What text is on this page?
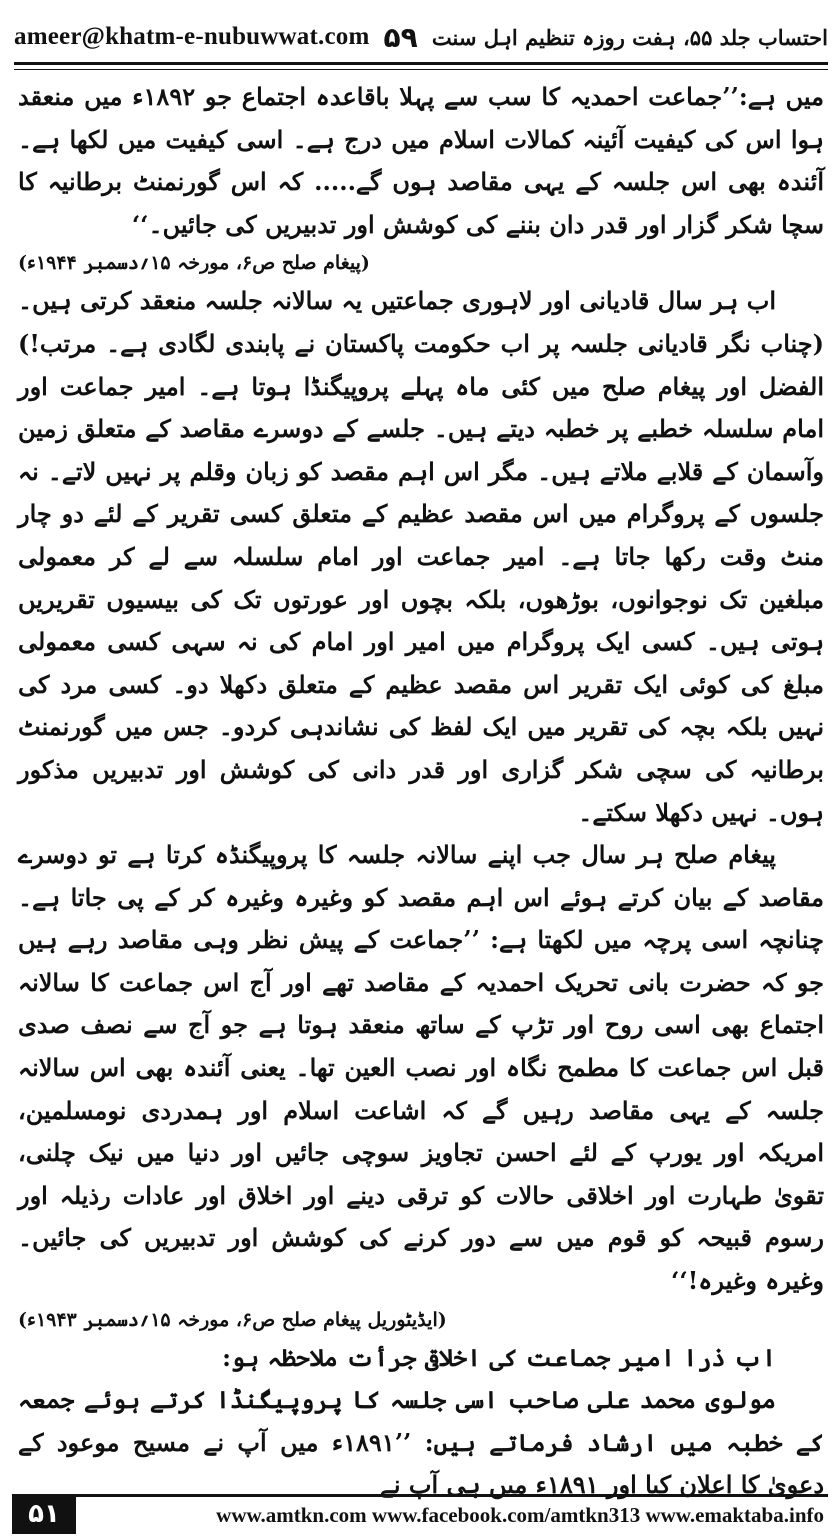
ameer@khatm-e-nubuwwat.com ۵۹ احتساب جلد ۵۵، ہفت روزہ تنظیم اہل سنت

میں ہے:’’جماعت احمدیہ کا سب سے پہلا باقاعدہ اجتماع جو ۱۸۹۲ء میں منعقد ہوا اس کی کیفیت آئینہ کمالات اسلام میں درج ہے۔ اسی کیفیت میں لکھا ہے۔ آئندہ بھی اس جلسہ کے یہی مقاصد ہوں گے..... کہ اس گورنمنٹ برطانیہ کا سچا شکر گزار اور قدر دان بننے کی کوشش اور تدبیریں کی جائیں۔‘‘
(پیغام صلح ص۶، مورخہ ۱۵؍دسمبر ۱۹۴۴ء)

اب ہر سال قادیانی اور لاہوری جماعتیں یہ سالانہ جلسہ منعقد کرتی ہیں۔ (چناب نگر قادیانی جلسہ پر اب حکومت پاکستان نے پابندی لگادی ہے۔ مرتب!) الفضل اور پیغام صلح میں کئی ماہ پہلے پروپیگنڈا ہوتا ہے۔ امیر جماعت اور امام سلسلہ خطبے پر خطبہ دیتے ہیں۔ جلسے کے دوسرے مقاصد کے متعلق زمین وآسمان کے قلابے ملاتے ہیں۔ مگر اس اہم مقصد کو زبان وقلم پر نہیں لاتے۔ نہ جلسوں کے پروگرام میں اس مقصد عظیم کے متعلق کسی تقریر کے لئے دو چار منٹ وقت رکھا جاتا ہے۔ امیر جماعت اور امام سلسلہ سے لے کر معمولی مبلغین تک نوجوانوں، بوڑھوں، بلکہ بچوں اور عورتوں تک کی بیسیوں تقریریں ہوتی ہیں۔ کسی ایک پروگرام میں امیر اور امام کی نہ سہی کسی معمولی مبلغ کی کوئی ایک تقریر اس مقصد عظیم کے متعلق دکھلا دو۔ کسی مرد کی نہیں بلکہ بچہ کی تقریر میں ایک لفظ کی نشاندہی کردو۔ جس میں گورنمنٹ برطانیہ کی سچی شکر گزاری اور قدر دانی کی کوشش اور تدبیریں مذکور ہوں۔ نہیں دکھلا سکتے۔

پیغام صلح ہر سال جب اپنے سالانہ جلسہ کا پروپیگنڈہ کرتا ہے تو دوسرے مقاصد کے بیان کرتے ہوئے اس اہم مقصد کو وغیرہ وغیرہ کر کے پی جاتا ہے۔ چنانچہ اسی پرچہ میں لکھتا ہے: ’’جماعت کے پیش نظر وہی مقاصد رہے ہیں جو کہ حضرت بانی تحریک احمدیہ کے مقاصد تھے اور آج اس جماعت کا سالانہ اجتماع بھی اسی روح اور تڑپ کے ساتھ منعقد ہوتا ہے جو آج سے نصف صدی قبل اس جماعت کا مطمح نگاہ اور نصب العین تھا۔ یعنی آئندہ بھی اس سالانہ جلسہ کے یہی مقاصد رہیں گے کہ اشاعت اسلام اور ہمدردی نومسلمین، امریکہ اور یورپ کے لئے احسن تجاویز سوچی جائیں اور دنیا میں نیک چلنی، تقویٰ طہارت اور اخلاقی حالات کو ترقی دینے اور اخلاق اور عادات رذیلہ اور رسوم قبیحہ کو قوم میں سے دور کرنے کی کوشش اور تدبیریں کی جائیں۔ وغیرہ وغیرہ!‘‘
(ایڈیٹوریل پیغام صلح ص۶، مورخہ ۱۵؍دسمبر ۱۹۴۳ء)

اب ذرا امیر جماعت کی اخلاقی جرأت ملاحظہ ہو:

مولوی محمد علی صاحب اسی جلسہ کا پروپیگنڈا کرتے ہوئے جمعہ کے خطبہ میں ارشاد فرماتے ہیں: ’’۱۸۹۱ء میں آپ نے مسیح موعود کے دعویٰ کا اعلان کیا اور ۱۸۹۱ء میں ہی آپ نے

۵۱	www.amtkn.com www.facebook.com/amtkn313 www.emaktaba.info
